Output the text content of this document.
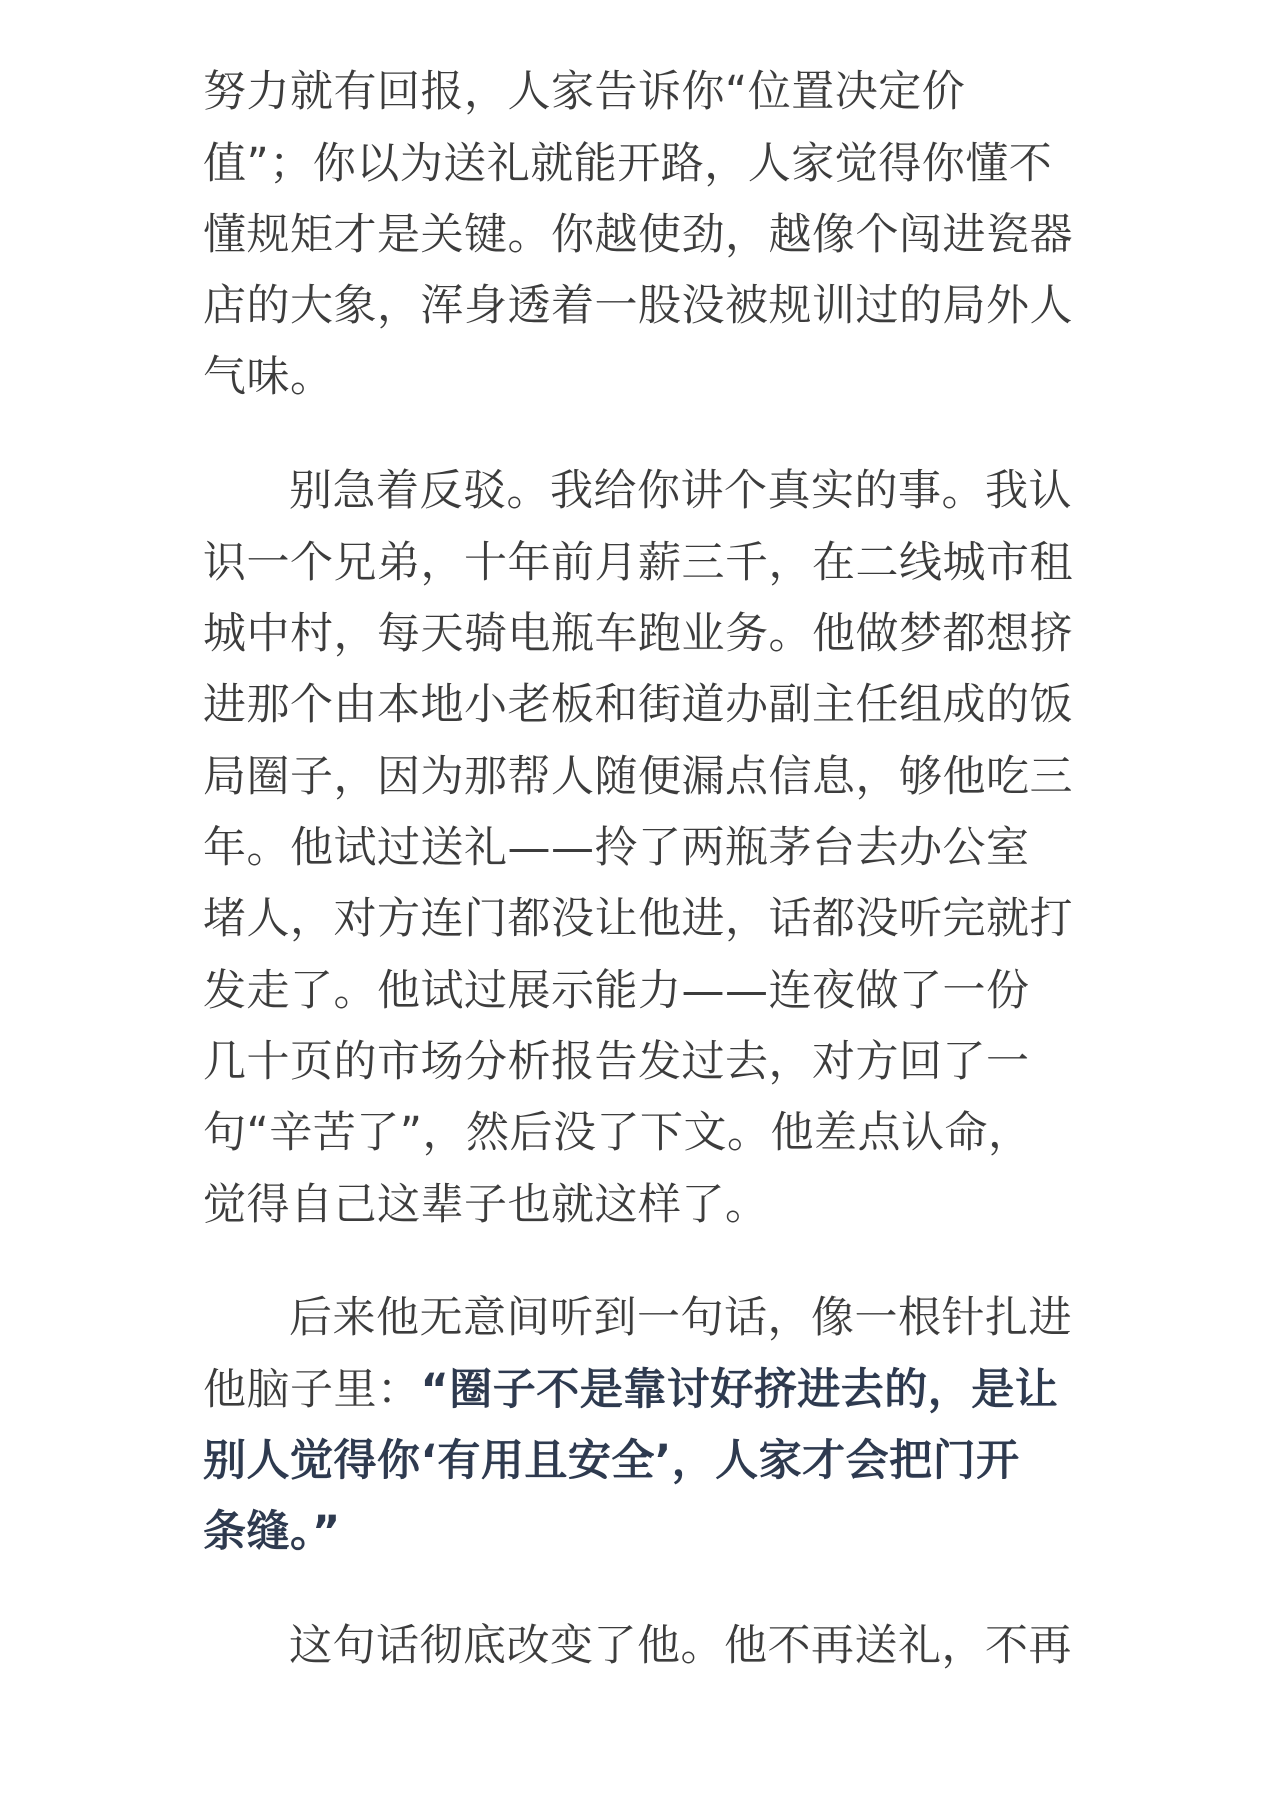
努力就有回报，人家告诉你“位置决定价

值”；你以为送礼就能开路，人家觉得你懂不

懂规矩才是关键。你越使劲，越像个闯进瓷器

店的大象，浑身透着一股没被规训过的局外人

气味。

别急着反驳。我给你讲个真实的事。我认

识一个兄弟，十年前月薪三千，在二线城市租

城中村，每天骑电瓶车跑业务。他做梦都想挤

进那个由本地小老板和街道办副主任组成的饭

局圈子，因为那帮人随便漏点信息，够他吃三

年。他试过送礼——拎了两瓶茅台去办公室

堵人，对方连门都没让他进，话都没听完就打

发走了。他试过展示能力——连夜做了一份

几十页的市场分析报告发过去，对方回了一

句“辛苦了”，然后没了下文。他差点认命，

觉得自己这辈子也就这样了。

后来他无意间听到一句话，像一根针扎进

他脑子里：“圈子不是靠讨好挤进去的，是让

别人觉得你‘有用且安全’，人家才会把门开

条缝。”

这句话彻底改变了他。他不再送礼，不再
